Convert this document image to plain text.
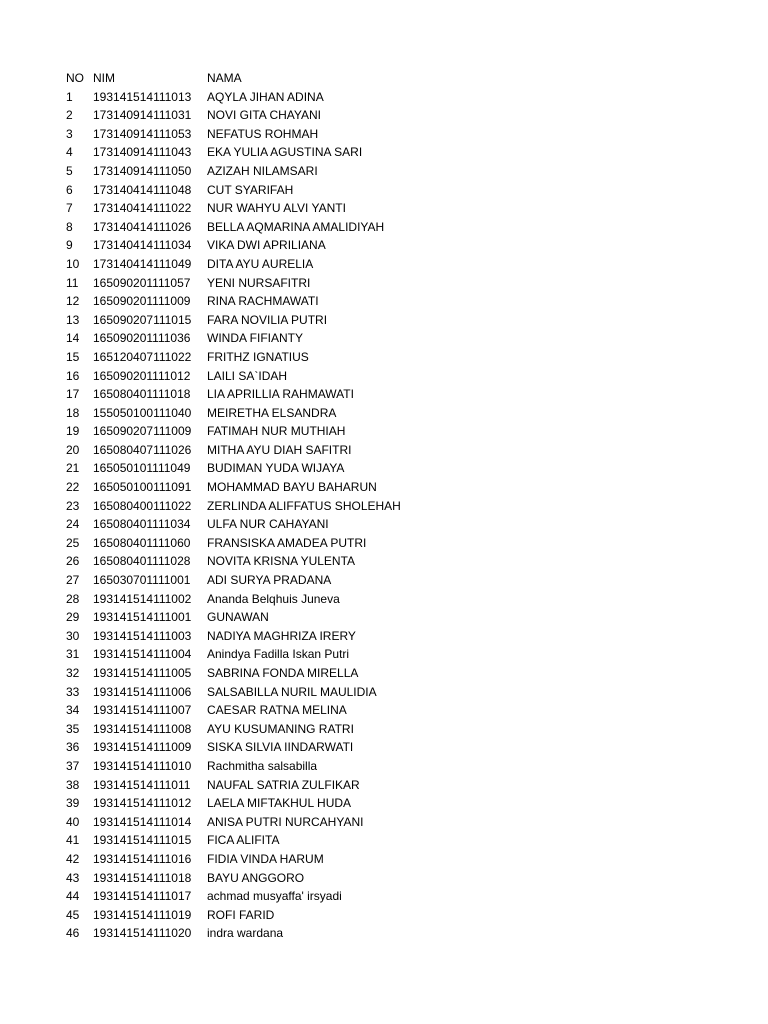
NO NIM	NAMA
1	193141514111013	AQYLA JIHAN ADINA
2	173140914111031	NOVI GITA CHAYANI
3	173140914111053	NEFATUS ROHMAH
4	173140914111043	EKA YULIA AGUSTINA SARI
5	173140914111050	AZIZAH NILAMSARI
6	173140414111048	CUT SYARIFAH
7	173140414111022	NUR WAHYU ALVI YANTI
8	173140414111026	BELLA AQMARINA AMALIDIYAH
9	173140414111034	VIKA DWI APRILIANA
10	173140414111049	DITA AYU AURELIA
11	165090201111057	YENI NURSAFITRI
12	165090201111009	RINA RACHMAWATI
13	165090207111015	FARA NOVILIA PUTRI
14	165090201111036	WINDA FIFIANTY
15	165120407111022	FRITHZ IGNATIUS
16	165090201111012	LAILI SA`IDAH
17	165080401111018	LIA APRILLIA RAHMAWATI
18	155050100111040	MEIRETHA ELSANDRA
19	165090207111009	FATIMAH NUR MUTHIAH
20	165080407111026	MITHA AYU DIAH SAFITRI
21	165050101111049	BUDIMAN YUDA WIJAYA
22	165050100111091	MOHAMMAD BAYU BAHARUN
23	165080400111022	ZERLINDA ALIFFATUS SHOLEHAH
24	165080401111034	ULFA NUR CAHAYANI
25	165080401111060	FRANSISKA AMADEA PUTRI
26	165080401111028	NOVITA KRISNA YULENTA
27	165030701111001	ADI SURYA PRADANA
28	193141514111002	Ananda Belqhuis Juneva
29	193141514111001	GUNAWAN
30	193141514111003	NADIYA MAGHRIZA IRERY
31	193141514111004	Anindya Fadilla Iskan Putri
32	193141514111005	SABRINA FONDA MIRELLA
33	193141514111006	SALSABILLA NURIL MAULIDIA
34	193141514111007	CAESAR RATNA MELINA
35	193141514111008	AYU KUSUMANING RATRI
36	193141514111009	SISKA SILVIA IINDARWATI
37	193141514111010	Rachmitha salsabilla
38	193141514111011	NAUFAL SATRIA ZULFIKAR
39	193141514111012	LAELA MIFTAKHUL HUDA
40	193141514111014	ANISA PUTRI NURCAHYANI
41	193141514111015	FICA ALIFITA
42	193141514111016	FIDIA VINDA HARUM
43	193141514111018	BAYU ANGGORO
44	193141514111017	achmad musyaffa' irsyadi
45	193141514111019	ROFI FARID
46	193141514111020	indra wardana
